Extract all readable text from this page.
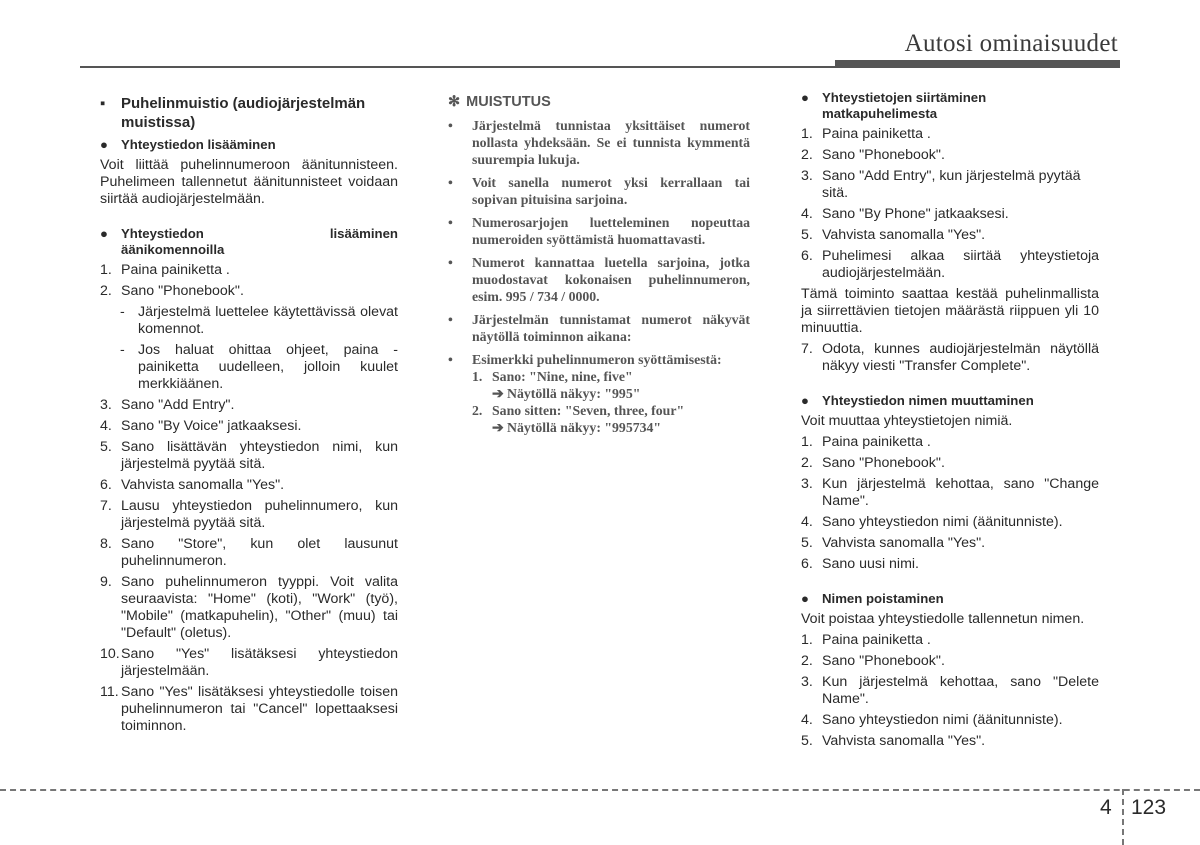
Autosi ominaisuudet
▪	Puhelinmuistio (audiojärjestelmän muistissa)
● Yhteystiedon lisääminen
Voit liittää puhelinnumeroon äänitunnisteen. Puhelimeen tallennetut äänitunnisteet voidaan siirtää audiojärjestelmään.
● Yhteystiedon lisääminen
äänikomennoilla
1. Paina painiketta .
2. Sano "Phonebook".
- Järjestelmä luettelee käytettävissä olevat komennot.
- Jos haluat ohittaa ohjeet, paina - painiketta uudelleen, jolloin kuulet merkkiäänen.
3. Sano "Add Entry".
4. Sano "By Voice" jatkaaksesi.
5. Sano lisättävän yhteystiedon nimi, kun järjestelmä pyytää sitä.
6. Vahvista sanomalla "Yes".
7. Lausu yhteystiedon puhelinnumero, kun järjestelmä pyytää sitä.
8. Sano "Store", kun olet lausunut puhelinnumeron.
9. Sano puhelinnumeron tyyppi. Voit valita seuraavista: "Home" (koti), "Work" (työ), "Mobile" (matkapuhelin), "Other" (muu) tai "Default" (oletus).
10. Sano "Yes" lisätäksesi yhteystiedon järjestelmään.
11. Sano "Yes" lisätäksesi yhteystiedolle toisen puhelinnumeron tai "Cancel" lopettaaksesi toiminnon.
✻ MUISTUTUS
•	Järjestelmä tunnistaa yksittäiset numerot nollasta yhdeksään. Se ei tunnista kymmentä suurempia lukuja.
•	Voit sanella numerot yksi kerrallaan tai sopivan pituisina sarjoina.
•	Numerosarjojen luetteleminen nopeuttaa numeroiden syöttämistä huomattavasti.
•	Numerot kannattaa luetella sarjoina, jotka muodostavat kokonaisen puhelinnumeron, esim. 995 / 734 / 0000.
•	Järjestelmän tunnistamat numerot näkyvät näytöllä toiminnon aikana:
•	Esimerkki puhelinnumeron syöttämisestä:
1. Sano: "Nine, nine, five"
➔ Näytöllä näkyy: "995"
2. Sano sitten: "Seven, three, four"
➔ Näytöllä näkyy: "995734"
● Yhteystietojen siirtäminen matkapuhelimesta
1. Paina painiketta .
2. Sano "Phonebook".
3. Sano "Add Entry", kun järjestelmä pyytää sitä.
4. Sano "By Phone" jatkaaksesi.
5. Vahvista sanomalla "Yes".
6. Puhelimesi alkaa siirtää yhteystietoja audiojärjestelmään.
Tämä toiminto saattaa kestää puhelinmallista ja siirrettävien tietojen määrästä riippuen yli 10 minuuttia.
7. Odota, kunnes audiojärjestelmän näytöllä näkyy viesti "Transfer Complete".
● Yhteystiedon nimen muuttaminen
Voit muuttaa yhteystietojen nimiä.
1. Paina painiketta .
2. Sano "Phonebook".
3. Kun järjestelmä kehottaa, sano "Change Name".
4. Sano yhteystiedon nimi (äänitunniste).
5. Vahvista sanomalla "Yes".
6. Sano uusi nimi.
● Nimen poistaminen
Voit poistaa yhteystiedolle tallennetun nimen.
1. Paina painiketta .
2. Sano "Phonebook".
3. Kun järjestelmä kehottaa, sano "Delete Name".
4. Sano yhteystiedon nimi (äänitunniste).
5. Vahvista sanomalla "Yes".
4 123
